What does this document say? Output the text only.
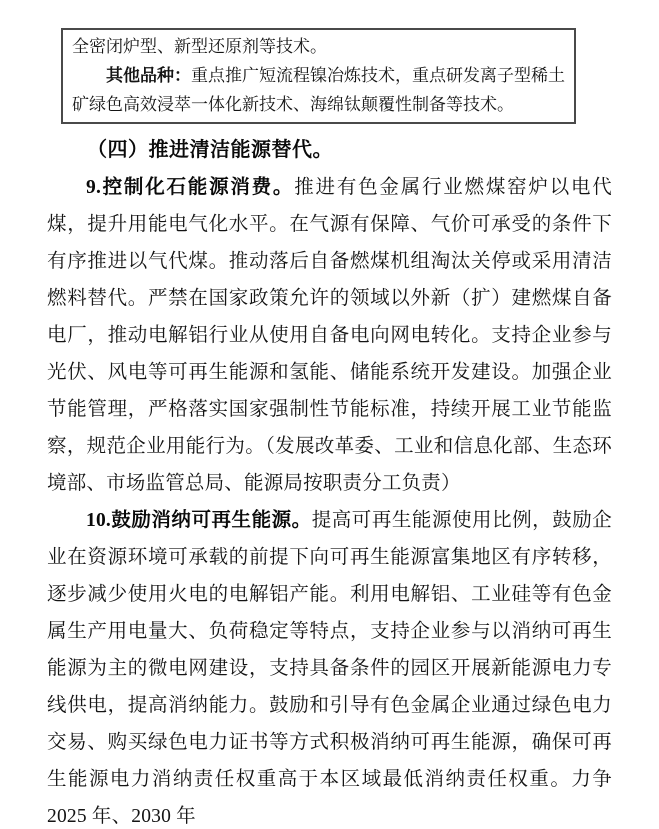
全密闭炉型、新型还原剂等技术。

其他品种：重点推广短流程镍冶炼技术，重点研发离子型稀土矿绿色高效浸萃一体化新技术、海绵钛颠覆性制备等技术。

（四）推进清洁能源替代。

9.控制化石能源消费。推进有色金属行业燃煤窑炉以电代煤，提升用能电气化水平。在气源有保障、气价可承受的条件下有序推进以气代煤。推动落后自备燃煤机组淘汰关停或采用清洁燃料替代。严禁在国家政策允许的领域以外新（扩）建燃煤自备电厂，推动电解铝行业从使用自备电向网电转化。支持企业参与光伏、风电等可再生能源和氢能、储能系统开发建设。加强企业节能管理，严格落实国家强制性节能标准，持续开展工业节能监察，规范企业用能行为。（发展改革委、工业和信息化部、生态环境部、市场监管总局、能源局按职责分工负责）

10.鼓励消纳可再生能源。提高可再生能源使用比例，鼓励企业在资源环境可承载的前提下向可再生能源富集地区有序转移，逐步减少使用火电的电解铝产能。利用电解铝、工业硅等有色金属生产用电量大、负荷稳定等特点，支持企业参与以消纳可再生能源为主的微电网建设，支持具备条件的园区开展新能源电力专线供电，提高消纳能力。鼓励和引导有色金属企业通过绿色电力交易、购买绿色电力证书等方式积极消纳可再生能源，确保可再生能源电力消纳责任权重高于本区域最低消纳责任权重。力争 2025 年、2030 年
